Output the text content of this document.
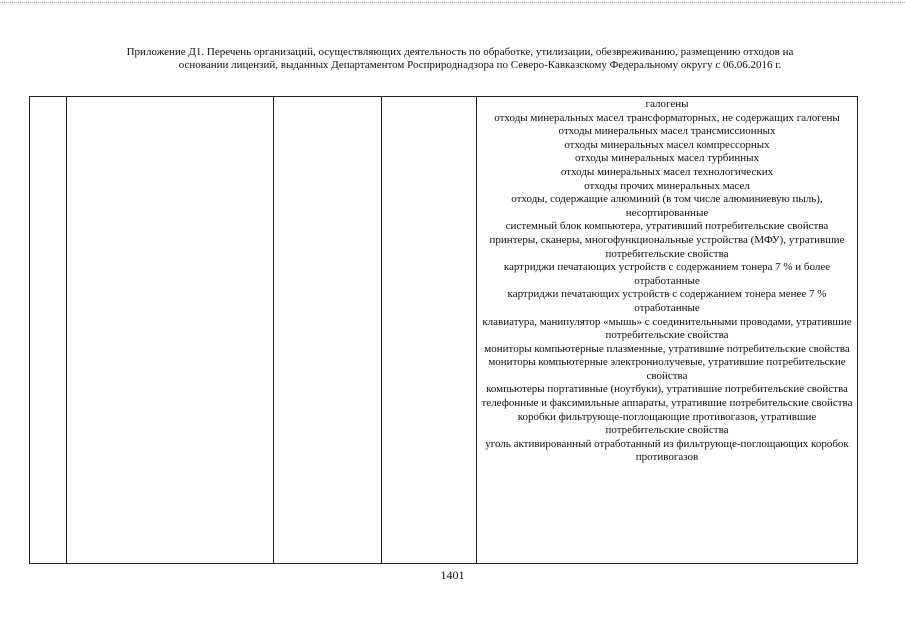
Приложение Д1. Перечень организаций, осуществляющих деятельность по обработке, утилизации, обезвреживанию, размещению отходов на
основании лицензий, выданных Департаментом Росприроднадзора по Северо-Кавказскому Федеральному округу с 06.06.2016 г.
галогены
отходы минеральных масел трансформаторных, не содержащих галогены
отходы минеральных масел трансмиссионных
отходы минеральных масел компрессорных
отходы минеральных масел турбинных
отходы минеральных масел технологических
отходы прочих минеральных масел
отходы, содержащие алюминий (в том числе алюминиевую пыль), несортированные
системный блок компьютера, утративший потребительские свойства
принтеры, сканеры, многофункциональные устройства (МФУ), утратившие потребительские свойства
картриджи печатающих устройств с содержанием тонера 7 % и более отработанные
картриджи печатающих устройств с содержанием тонера менее 7 % отработанные
клавиатура, манипулятор «мышь» с соединительными проводами, утратившие потребительские свойства
мониторы компьютерные плазменные, утратившие потребительские свойства
мониторы компьютерные электроннолучевые, утратившие потребительские свойства
компьютеры портативные (ноутбуки), утратившие потребительские свойства
телефонные и факсимильные аппараты, утратившие потребительские свойства
коробки фильтрующе-поглощающие противогазов, утратившие потребительские свойства
уголь активированный отработанный из фильтрующе-поглощающих коробок противогазов
1401
